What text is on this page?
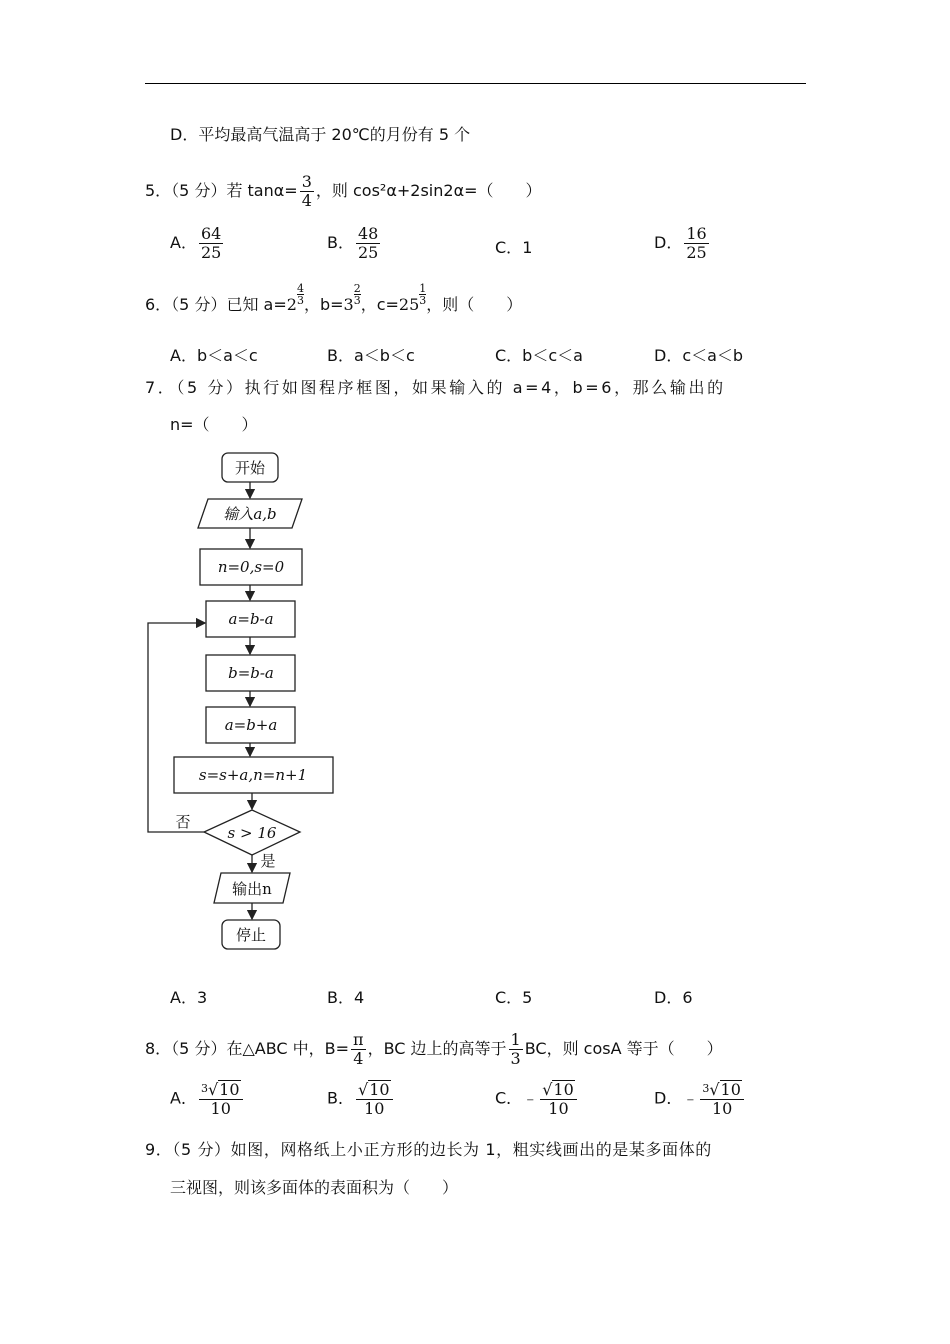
D．平均最高气温高于 20℃的月份有 5 个
5．（5 分）若 $\tan\alpha= \frac{3}{4}$ ，则 cos²α+2sin2α=（　　）
A． $\frac{64}{25}$	B． $\frac{48}{25}$	C．1	D． $\frac{16}{25}$
6．（5 分）已知 $a=2 \frac{4}{3}$，$b=3 \frac{2}{3}$，$c=25 \frac{1}{3}$，则（　　）
A．b＜a＜c	B．a＜b＜c	C．b＜c＜a	D．c＜a＜b
7．（5 分）执行如图程序框图，如果输入的 a=4，b=6，那么输出的
n=（　　）
开始
输入a,b
n=0,s=0
a=b-a
b=b-a
a=b+a
s=s+a,n=n+1
s > 16
否
是
输出n
停止
A．3	B．4	C．5	D．6
8．（5 分）在△ABC 中，$B= \frac{\pi}{4}$ ，BC 边上的高等于 $\frac{1}{3}$ BC，则 cosA 等于（　　）
A． $\frac{^3√10}{10}$	B． $\frac{√10}{10}$	C．﹣ $\frac{√10}{10}$	D．﹣ $\frac{^3√10}{10}$
9．（5 分）如图，网格纸上小正方形的边长为 1，粗实线画出的是某多面体的
三视图，则该多面体的表面积为（　　）
